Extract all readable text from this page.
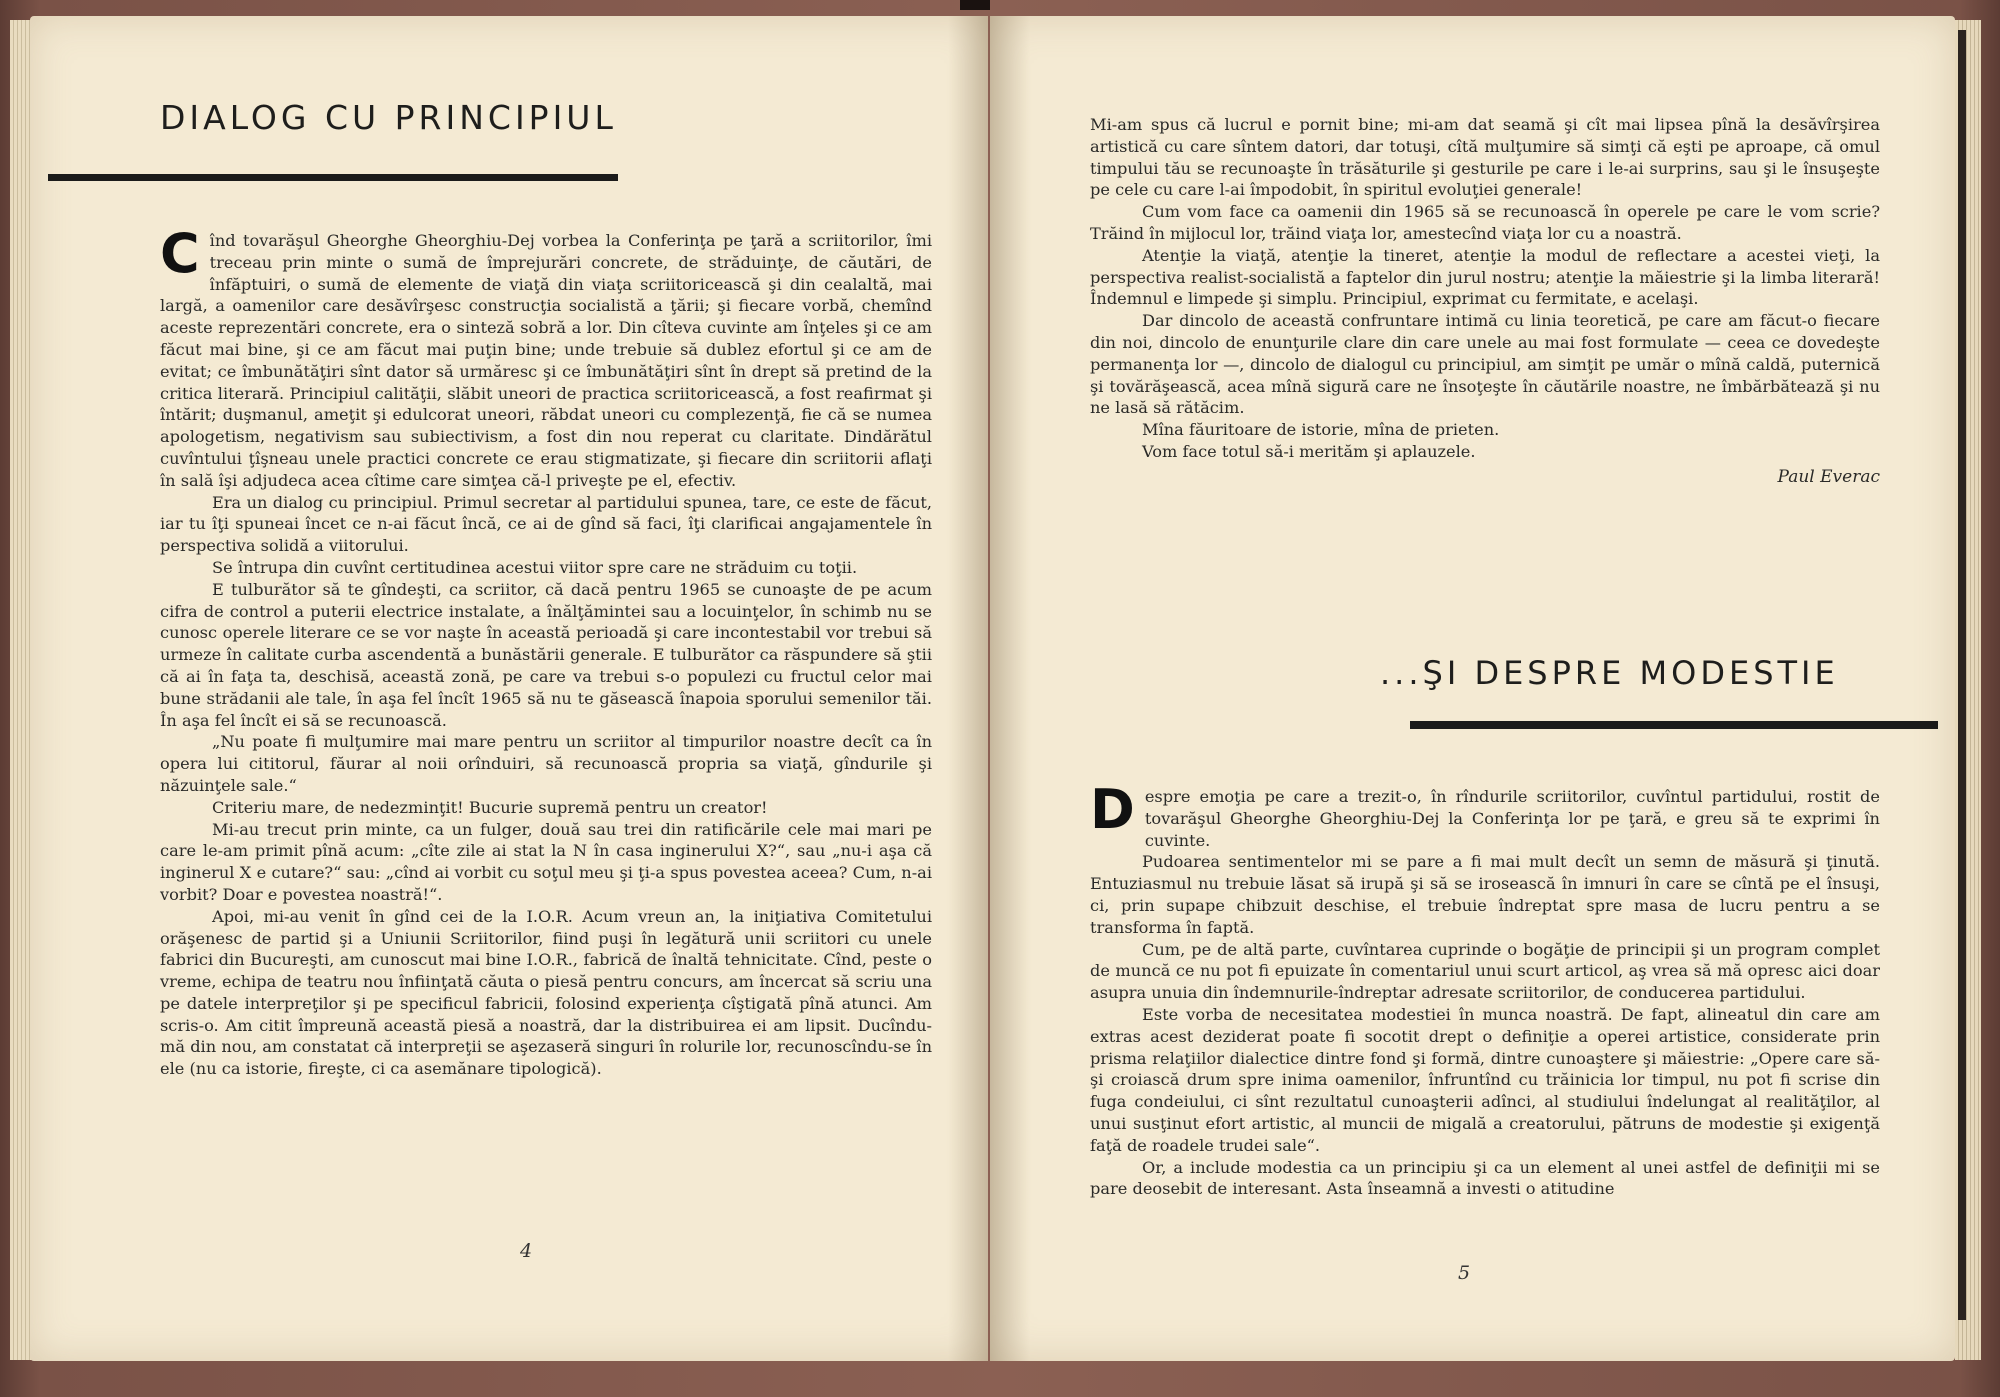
DIALOG CU PRINCIPIUL

Cînd tovarăşul Gheorghe Gheorghiu-Dej vorbea la Conferinţa pe ţară a scriitorilor, îmi treceau prin minte o sumă de împrejurări concrete, de străduinţe, de căutări, de înfăptuiri, o sumă de elemente de viaţă din viaţa scriitoricească şi din cealaltă, mai largă, a oamenilor care desăvîrşesc construcţia socialistă a ţării; şi fiecare vorbă, chemînd aceste reprezentări concrete, era o sinteză sobră a lor. Din cîteva cuvinte am înţeles şi ce am făcut mai bine, şi ce am făcut mai puţin bine; unde trebuie să dublez efortul şi ce am de evitat; ce îmbunătăţiri sînt dator să urmăresc şi ce îmbunătăţiri sînt în drept să pretind de la critica literară. Principiul calităţii, slăbit uneori de practica scriitoricească, a fost reafirmat şi întărit; duşmanul, ameţit şi edulcorat uneori, răbdat uneori cu complezenţă, fie că se numea apologetism, negativism sau subiectivism, a fost din nou reperat cu claritate. Dindărătul cuvîntului ţîşneau unele practici concrete ce erau stigmatizate, şi fiecare din scriitorii aflaţi în sală îşi adjudeca acea cîtime care simţea că-l priveşte pe el, efectiv.

Era un dialog cu principiul. Primul secretar al partidului spunea, tare, ce este de făcut, iar tu îţi spuneai încet ce n-ai făcut încă, ce ai de gînd să faci, îţi clarificai angajamentele în perspectiva solidă a viitorului.

Se întrupa din cuvînt certitudinea acestui viitor spre care ne străduim cu toţii.

E tulburător să te gîndeşti, ca scriitor, că dacă pentru 1965 se cunoaşte de pe acum cifra de control a puterii electrice instalate, a înălţămintei sau a locuinţelor, în schimb nu se cunosc operele literare ce se vor naşte în această perioadă şi care incontestabil vor trebui să urmeze în calitate curba ascendentă a bunăstării generale. E tulburător ca răspundere să ştii că ai în faţa ta, deschisă, această zonă, pe care va trebui s-o populezi cu fructul celor mai bune strădanii ale tale, în aşa fel încît 1965 să nu te găsească înapoia sporului semenilor tăi. În aşa fel încît ei să se recunoască.

„Nu poate fi mulţumire mai mare pentru un scriitor al timpurilor noastre decît ca în opera lui cititorul, făurar al noii orînduiri, să recunoască propria sa viaţă, gîndurile şi năzuinţele sale.“

Criteriu mare, de nedezminţit! Bucurie supremă pentru un creator!

Mi-au trecut prin minte, ca un fulger, două sau trei din ratificările cele mai mari pe care le-am primit pînă acum: „cîte zile ai stat la N în casa inginerului X?“, sau „nu-i aşa că inginerul X e cutare?“ sau: „cînd ai vorbit cu soţul meu şi ţi-a spus povestea aceea? Cum, n-ai vorbit? Doar e povestea noastră!“.

Apoi, mi-au venit în gînd cei de la I.O.R. Acum vreun an, la iniţiativa Comitetului orăşenesc de partid şi a Uniunii Scriitorilor, fiind puşi în legătură unii scriitori cu unele fabrici din Bucureşti, am cunoscut mai bine I.O.R., fabrică de înaltă tehnicitate. Cînd, peste o vreme, echipa de teatru nou înfiinţată căuta o piesă pentru concurs, am încercat să scriu una pe datele interpreţilor şi pe specificul fabricii, folosind experienţa cîştigată pînă atunci. Am scris-o. Am citit împreună această piesă a noastră, dar la distribuirea ei am lipsit. Ducîndu-mă din nou, am constatat că interpreţii se aşezaseră singuri în rolurile lor, recunoscîndu-se în ele (nu ca istorie, fireşte, ci ca asemănare tipologică).

4

Mi-am spus că lucrul e pornit bine; mi-am dat seamă şi cît mai lipsea pînă la desăvîrşirea artistică cu care sîntem datori, dar totuşi, cîtă mulţumire să simţi că eşti pe aproape, că omul timpului tău se recunoaşte în trăsăturile şi gesturile pe care i le-ai surprins, sau şi le însuşeşte pe cele cu care l-ai împodobit, în spiritul evoluţiei generale!

Cum vom face ca oamenii din 1965 să se recunoască în operele pe care le vom scrie? Trăind în mijlocul lor, trăind viaţa lor, amestecînd viaţa lor cu a noastră.

Atenţie la viaţă, atenţie la tineret, atenţie la modul de reflectare a acestei vieţi, la perspectiva realist-socialistă a faptelor din jurul nostru; atenţie la măiestrie şi la limba literară! Îndemnul e limpede şi simplu. Principiul, exprimat cu fermitate, e acelaşi.

Dar dincolo de această confruntare intimă cu linia teoretică, pe care am făcut-o fiecare din noi, dincolo de enunţurile clare din care unele au mai fost formulate — ceea ce dovedeşte permanenţa lor —, dincolo de dialogul cu principiul, am simţit pe umăr o mînă caldă, puternică şi tovărăşească, acea mînă sigură care ne însoţeşte în căutările noastre, ne îmbărbătează şi nu ne lasă să rătăcim.

Mîna făuritoare de istorie, mîna de prieten.

Vom face totul să-i merităm şi aplauzele.

Paul Everac
...ŞI DESPRE MODESTIE

Despre emoţia pe care a trezit-o, în rîndurile scriitorilor, cuvîntul partidului, rostit de tovarăşul Gheorghe Gheorghiu-Dej la Conferinţa lor pe ţară, e greu să te exprimi în cuvinte.

Pudoarea sentimentelor mi se pare a fi mai mult decît un semn de măsură şi ţinută. Entuziasmul nu trebuie lăsat să irupă şi să se irosească în imnuri în care se cîntă pe el însuşi, ci, prin supape chibzuit deschise, el trebuie îndreptat spre masa de lucru pentru a se transforma în faptă.

Cum, pe de altă parte, cuvîntarea cuprinde o bogăţie de principii şi un program complet de muncă ce nu pot fi epuizate în comentariul unui scurt articol, aş vrea să mă opresc aici doar asupra unuia din îndemnurile-îndreptar adresate scriitorilor, de conducerea partidului.

Este vorba de necesitatea modestiei în munca noastră. De fapt, alineatul din care am extras acest deziderat poate fi socotit drept o definiţie a operei artistice, considerate prin prisma relaţiilor dialectice dintre fond şi formă, dintre cunoaştere şi măiestrie: „Opere care să-şi croiască drum spre inima oamenilor, înfruntînd cu trăinicia lor timpul, nu pot fi scrise din fuga condeiului, ci sînt rezultatul cunoaşterii adînci, al studiului îndelungat al realităţilor, al unui susţinut efort artistic, al muncii de migală a creatorului, pătruns de modestie şi exigenţă faţă de roadele trudei sale“.

Or, a include modestia ca un principiu şi ca un element al unei astfel de definiţii mi se pare deosebit de interesant. Asta înseamnă a investi o atitudine

5
